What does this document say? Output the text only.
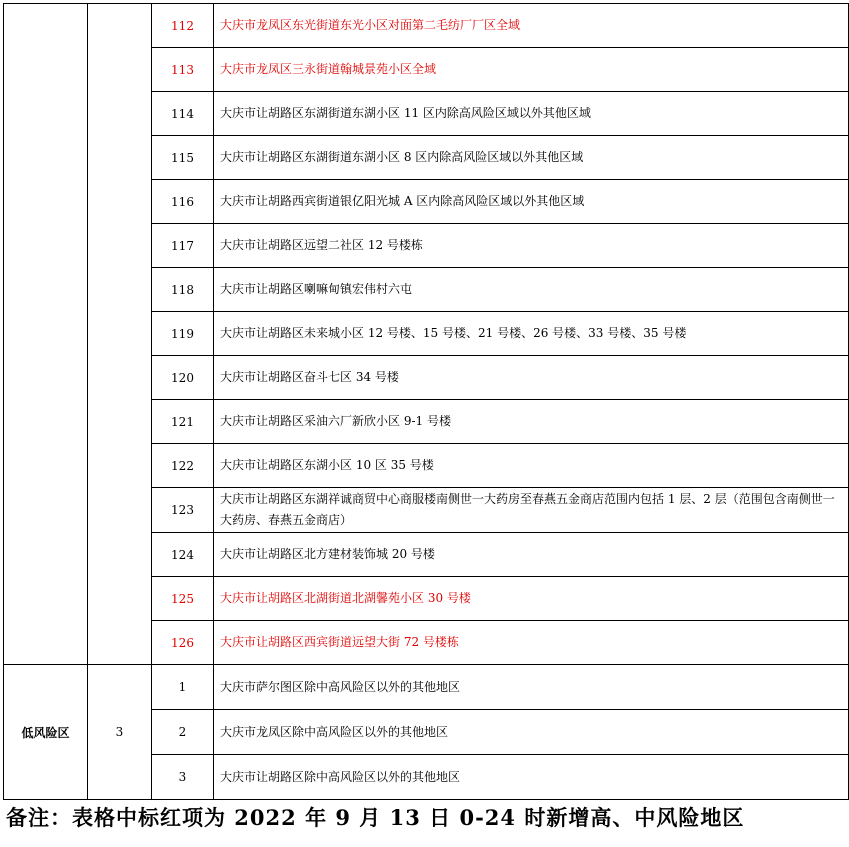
		112	大庆市龙凤区东光街道东光小区对面第二毛纺厂厂区全域
		113	大庆市龙凤区三永街道翰城景苑小区全域
		114	大庆市让胡路区东湖街道东湖小区 11 区内除高风险区域以外其他区域
		115	大庆市让胡路区东湖街道东湖小区 8 区内除高风险区域以外其他区域
		116	大庆市让胡路西宾街道银亿阳光城 A 区内除高风险区域以外其他区域
		117	大庆市让胡路区远望二社区 12 号楼栋
		118	大庆市让胡路区喇嘛甸镇宏伟村六屯
		119	大庆市让胡路区未来城小区 12 号楼、15 号楼、21 号楼、26 号楼、33 号楼、35 号楼
		120	大庆市让胡路区奋斗七区 34 号楼
		121	大庆市让胡路区采油六厂新欣小区 9-1 号楼
		122	大庆市让胡路区东湖小区 10 区 35 号楼
		123	大庆市让胡路区东湖祥诚商贸中心商服楼南侧世一大药房至春燕五金商店范围内包括 1 层、2 层（范围包含南侧世一大药房、春燕五金商店）
		124	大庆市让胡路区北方建材装饰城 20 号楼
		125	大庆市让胡路区北湖街道北湖馨苑小区 30 号楼
		126	大庆市让胡路区西宾街道远望大街 72 号楼栋
低风险区	3	1	大庆市萨尔图区除中高风险区以外的其他地区
		2	大庆市龙凤区除中高风险区以外的其他地区
		3	大庆市让胡路区除中高风险区以外的其他地区
备注：表格中标红项为 2022 年 9 月 13 日 0-24 时新增高、中风险地区
